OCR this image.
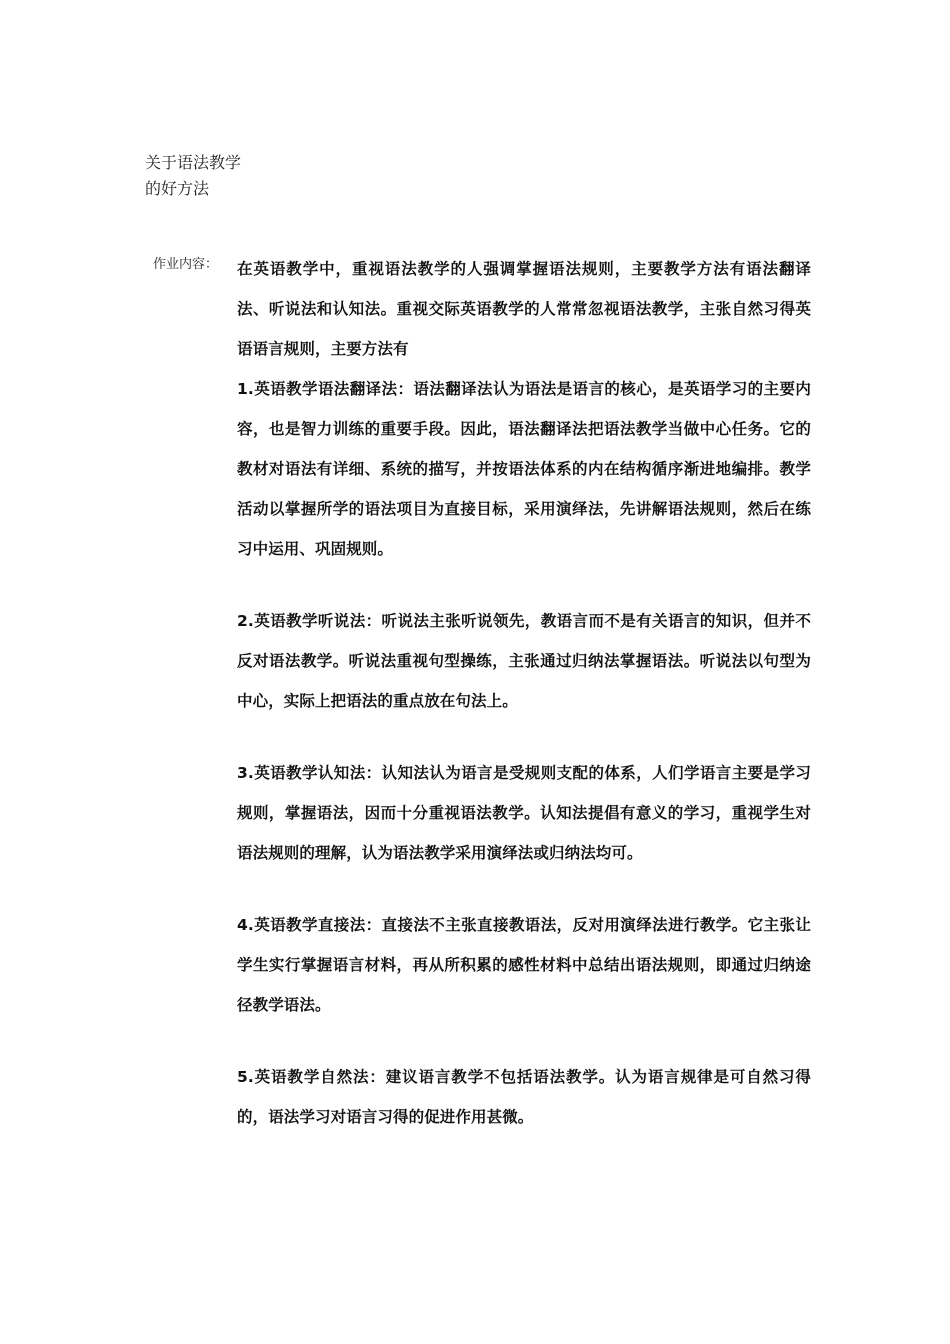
关于语法教学的好方法
作业内容： 在英语教学中，重视语法教学的人强调掌握语法规则，主要教学方法有语法翻译法、听说法和认知法。重视交际英语教学的人常常忽视语法教学，主张自然习得英语语言规则，主要方法有

1.英语教学语法翻译法：语法翻译法认为语法是语言的核心，是英语学习的主要内容，也是智力训练的重要手段。因此，语法翻译法把语法教学当做中心任务。它的教材对语法有详细、系统的描写，并按语法体系的内在结构循序渐进地编排。教学活动以掌握所学的语法项目为直接目标，采用演绎法，先讲解语法规则，然后在练习中运用、巩固规则。

2.英语教学听说法：听说法主张听说领先，教语言而不是有关语言的知识，但并不反对语法教学。听说法重视句型操练，主张通过归纳法掌握语法。听说法以句型为中心，实际上把语法的重点放在句法上。

3.英语教学认知法：认知法认为语言是受规则支配的体系，人们学语言主要是学习规则，掌握语法，因而十分重视语法教学。认知法提倡有意义的学习，重视学生对语法规则的理解，认为语法教学采用演绎法或归纳法均可。

4.英语教学直接法：直接法不主张直接教语法，反对用演绎法进行教学。它主张让学生实行掌握语言材料，再从所积累的感性材料中总结出语法规则，即通过归纳途径教学语法。

5.英语教学自然法：建议语言教学不包括语法教学。认为语言规律是可自然习得的，语法学习对语言习得的促进作用甚微。
